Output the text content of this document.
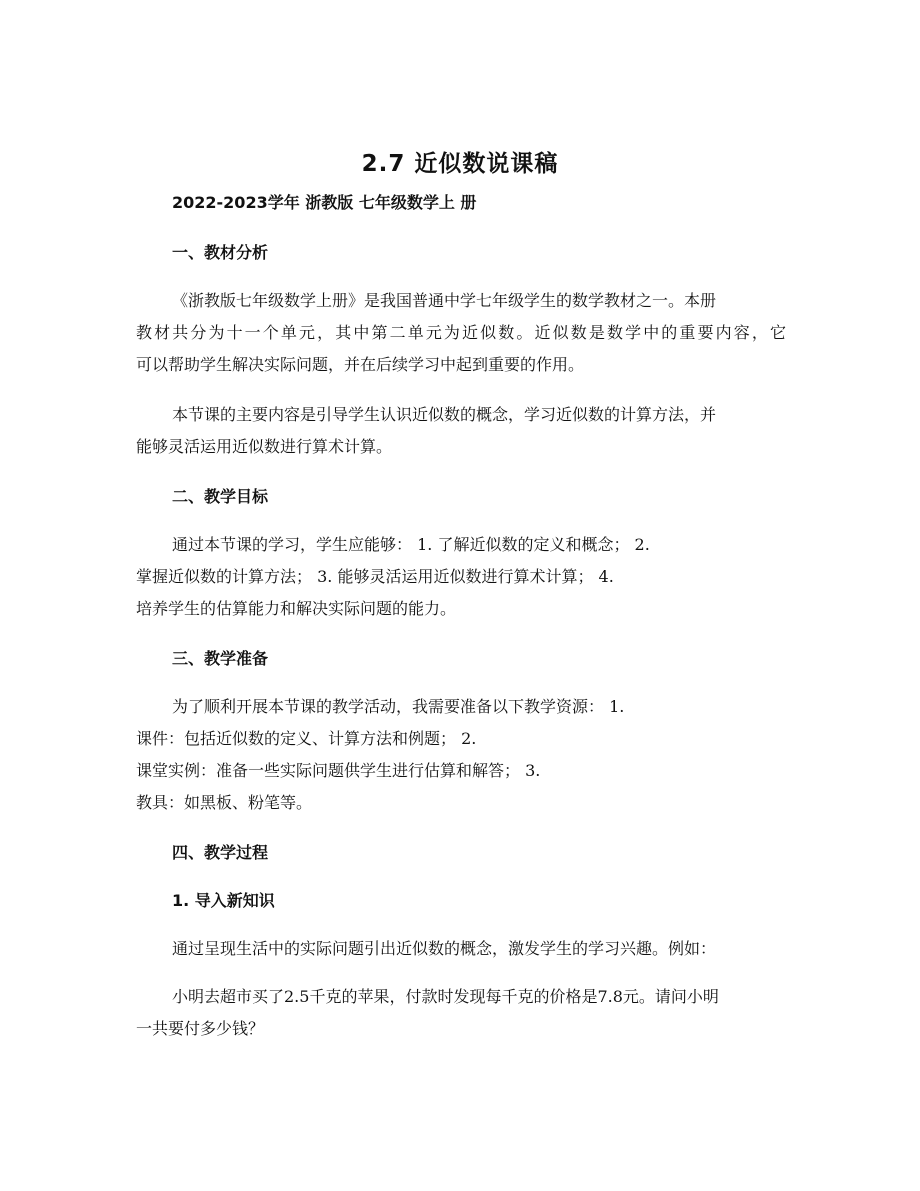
2.7 近似数说课稿
2022-2023学年 浙教版 七年级数学上 册
一、教材分析
《浙教版七年级数学上册》是我国普通中学七年级学生的数学教材之一。本册
教材共分为十一个单元，其中第二单元为近似数。近似数是数学中的重要内容，它
可以帮助学生解决实际问题，并在后续学习中起到重要的作用。
本节课的主要内容是引导学生认识近似数的概念，学习近似数的计算方法，并
能够灵活运用近似数进行算术计算。
二、教学目标
通过本节课的学习，学生应能够： 1. 了解近似数的定义和概念； 2.
掌握近似数的计算方法； 3. 能够灵活运用近似数进行算术计算； 4.
培养学生的估算能力和解决实际问题的能力。
三、教学准备
为了顺利开展本节课的教学活动，我需要准备以下教学资源： 1.
课件：包括近似数的定义、计算方法和例题； 2.
课堂实例：准备一些实际问题供学生进行估算和解答； 3.
教具：如黑板、粉笔等。
四、教学过程
1. 导入新知识
通过呈现生活中的实际问题引出近似数的概念，激发学生的学习兴趣。例如：
小明去超市买了2.5千克的苹果，付款时发现每千克的价格是7.8元。请问小明
一共要付多少钱？
